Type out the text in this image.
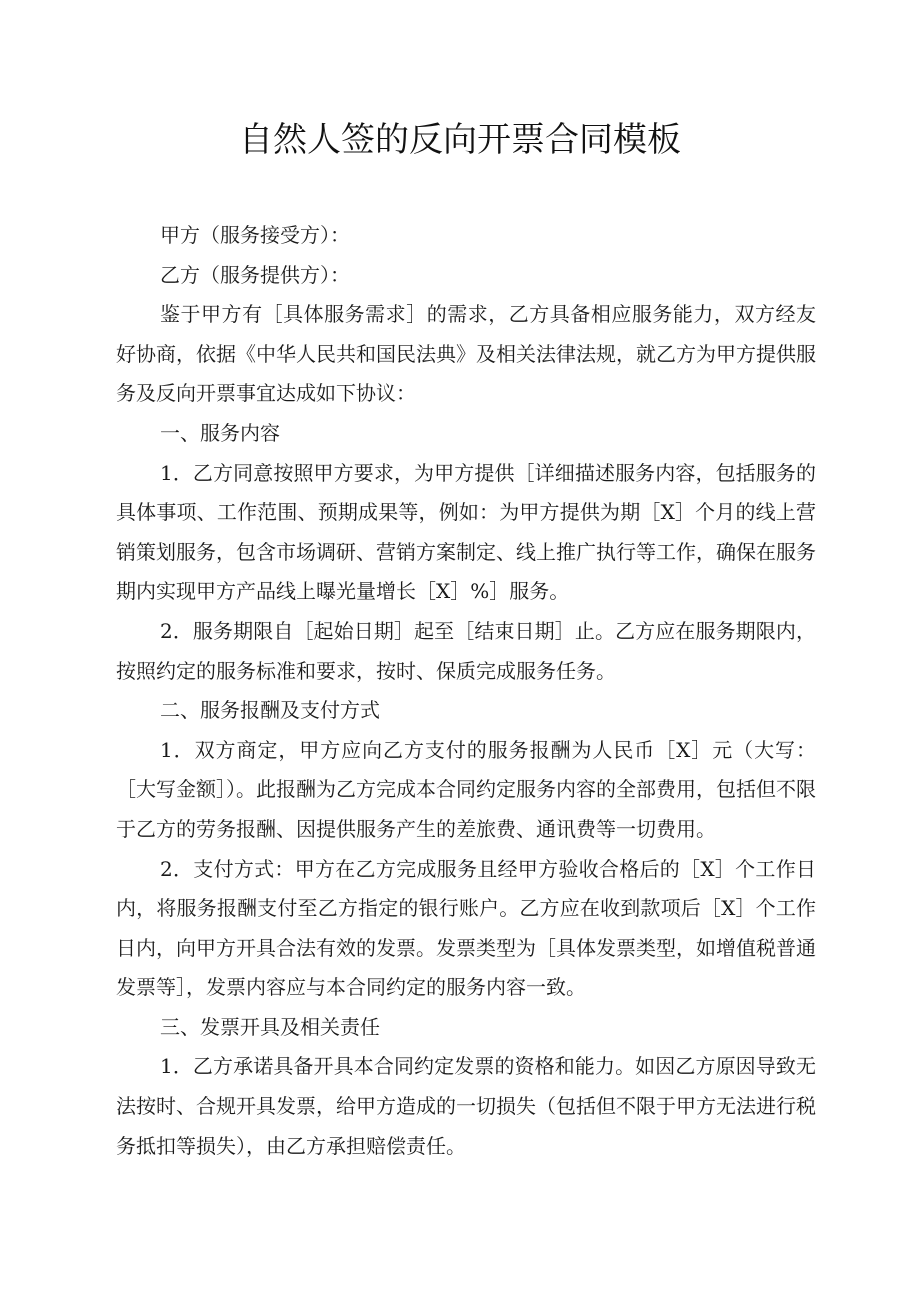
自然人签的反向开票合同模板

甲方（服务接受方）：

乙方（服务提供方）：

鉴于甲方有［具体服务需求］的需求，乙方具备相应服务能力，双方经友好协商，依据《中华人民共和国民法典》及相关法律法规，就乙方为甲方提供服务及反向开票事宜达成如下协议：

一、服务内容

1．乙方同意按照甲方要求，为甲方提供［详细描述服务内容，包括服务的具体事项、工作范围、预期成果等，例如：为甲方提供为期［X］个月的线上营销策划服务，包含市场调研、营销方案制定、线上推广执行等工作，确保在服务期内实现甲方产品线上曝光量增长［X］%］服务。

2．服务期限自［起始日期］起至［结束日期］止。乙方应在服务期限内，按照约定的服务标准和要求，按时、保质完成服务任务。

二、服务报酬及支付方式

1．双方商定，甲方应向乙方支付的服务报酬为人民币［X］元（大写：［大写金额］）。此报酬为乙方完成本合同约定服务内容的全部费用，包括但不限于乙方的劳务报酬、因提供服务产生的差旅费、通讯费等一切费用。

2．支付方式：甲方在乙方完成服务且经甲方验收合格后的［X］个工作日内，将服务报酬支付至乙方指定的银行账户。乙方应在收到款项后［X］个工作日内，向甲方开具合法有效的发票。发票类型为［具体发票类型，如增值税普通发票等］，发票内容应与本合同约定的服务内容一致。

三、发票开具及相关责任

1．乙方承诺具备开具本合同约定发票的资格和能力。如因乙方原因导致无法按时、合规开具发票，给甲方造成的一切损失（包括但不限于甲方无法进行税务抵扣等损失），由乙方承担赔偿责任。
